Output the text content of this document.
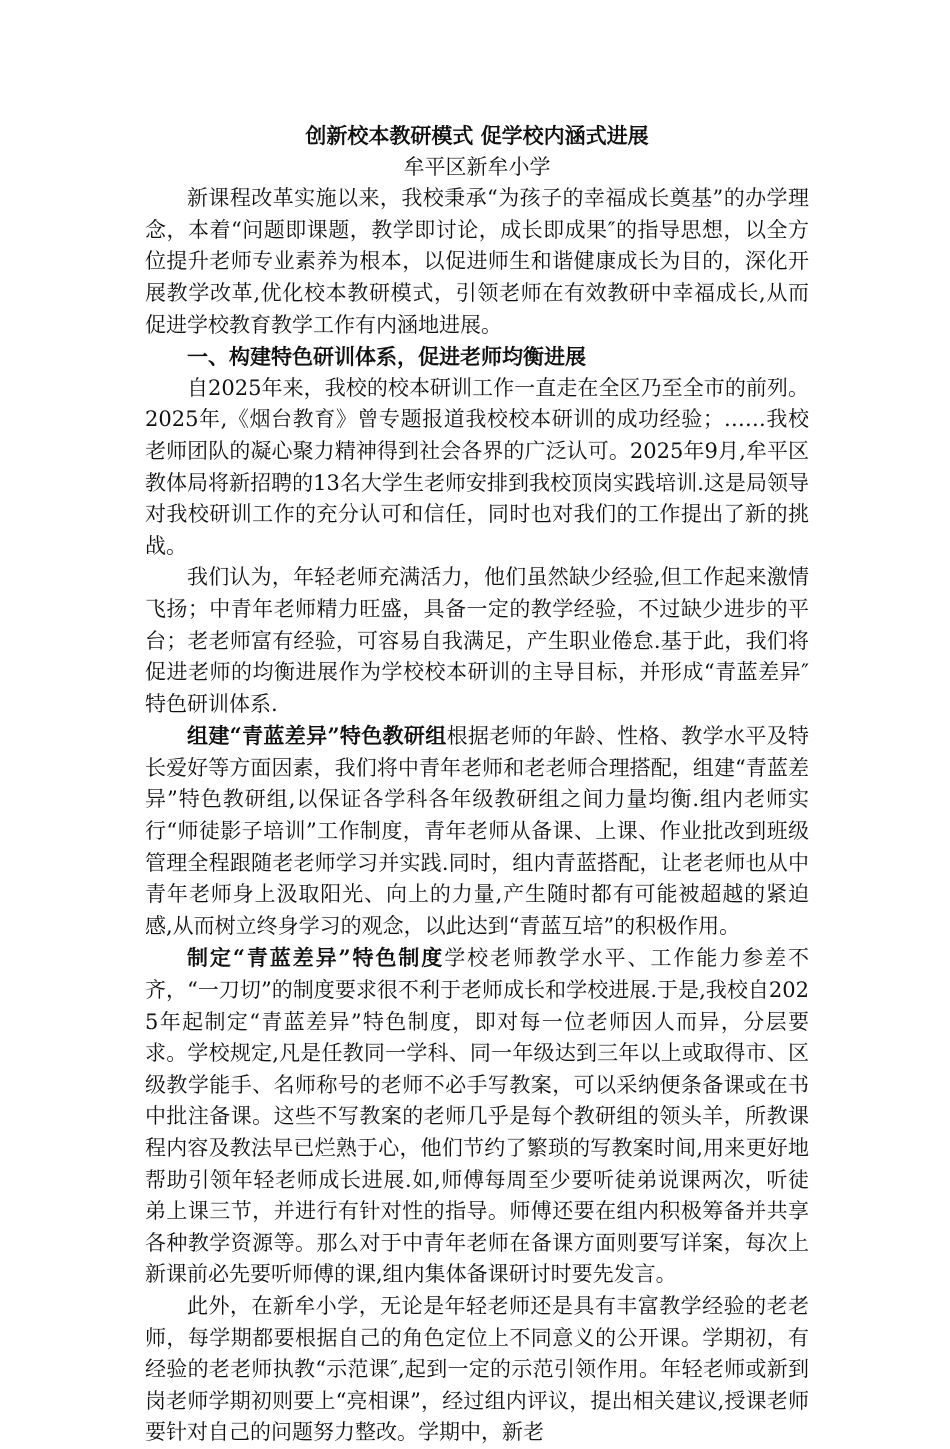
创新校本教研模式 促学校内涵式进展

牟平区新牟小学

新课程改革实施以来，我校秉承“为孩子的幸福成长奠基”的办学理念，本着“问题即课题，教学即讨论，成长即成果″的指导思想，以全方位提升老师专业素养为根本，以促进师生和谐健康成长为目的，深化开展教学改革,优化校本教研模式，引领老师在有效教研中幸福成长,从而促进学校教育教学工作有内涵地进展。

一、构建特色研训体系，促进老师均衡进展

自2025年来，我校的校本研训工作一直走在全区乃至全市的前列。2025年,《烟台教育》曾专题报道我校校本研训的成功经验；……我校老师团队的凝心聚力精神得到社会各界的广泛认可。2025年9月,牟平区教体局将新招聘的13名大学生老师安排到我校顶岗实践培训.这是局领导对我校研训工作的充分认可和信任，同时也对我们的工作提出了新的挑战。

我们认为，年轻老师充满活力，他们虽然缺少经验,但工作起来激情飞扬；中青年老师精力旺盛，具备一定的教学经验，不过缺少进步的平台；老老师富有经验，可容易自我满足，产生职业倦怠.基于此，我们将促进老师的均衡进展作为学校校本研训的主导目标，并形成“青蓝差异″特色研训体系.

组建“青蓝差异”特色教研组根据老师的年龄、性格、教学水平及特长爱好等方面因素，我们将中青年老师和老老师合理搭配，组建“青蓝差异”特色教研组,以保证各学科各年级教研组之间力量均衡.组内老师实行“师徒影子培训”工作制度，青年老师从备课、上课、作业批改到班级管理全程跟随老老师学习并实践.同时，组内青蓝搭配，让老老师也从中青年老师身上汲取阳光、向上的力量,产生随时都有可能被超越的紧迫感,从而树立终身学习的观念，以此达到“青蓝互培”的积极作用。

制定“青蓝差异”特色制度学校老师教学水平、工作能力参差不齐，“一刀切”的制度要求很不利于老师成长和学校进展.于是,我校自2025年起制定“青蓝差异”特色制度，即对每一位老师因人而异，分层要求。学校规定,凡是任教同一学科、同一年级达到三年以上或取得市、区级教学能手、名师称号的老师不必手写教案，可以采纳便条备课或在书中批注备课。这些不写教案的老师几乎是每个教研组的领头羊，所教课程内容及教法早已烂熟于心，他们节约了繁琐的写教案时间,用来更好地帮助引领年轻老师成长进展.如,师傅每周至少要听徒弟说课两次，听徒弟上课三节，并进行有针对性的指导。师傅还要在组内积极筹备并共享各种教学资源等。那么对于中青年老师在备课方面则要写详案，每次上新课前必先要听师傅的课,组内集体备课研讨时要先发言。

此外，在新牟小学，无论是年轻老师还是具有丰富教学经验的老老师，每学期都要根据自己的角色定位上不同意义的公开课。学期初，有经验的老老师执教“示范课″,起到一定的示范引领作用。年轻老师或新到岗老师学期初则要上“亮相课”，经过组内评议，提出相关建议,授课老师要针对自己的问题努力整改。学期中，新老
